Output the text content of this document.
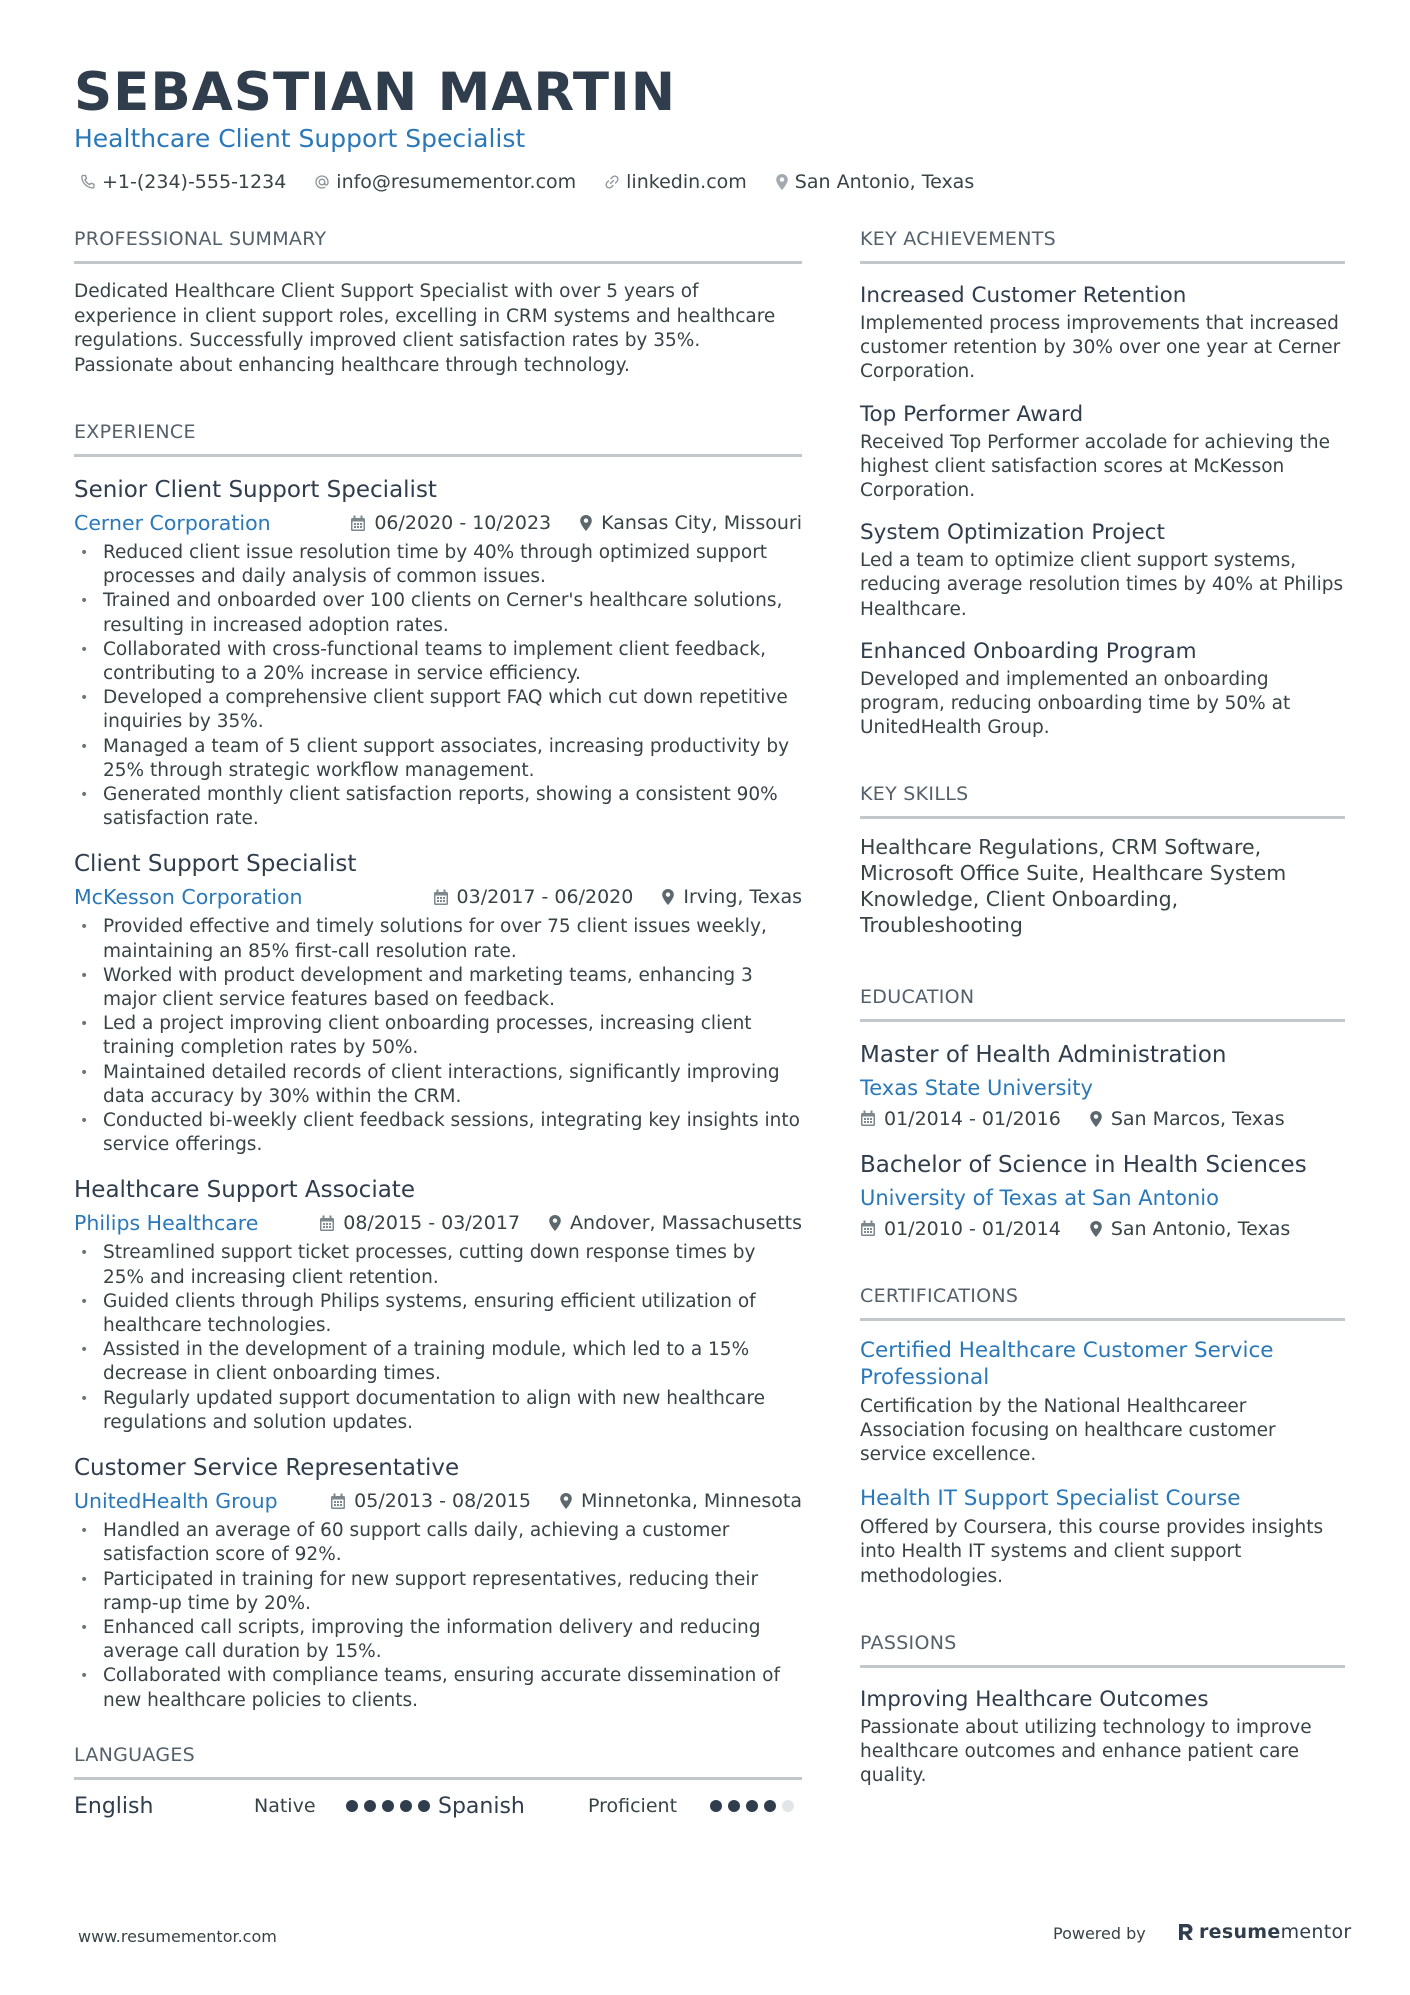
SEBASTIAN MARTIN
Healthcare Client Support Specialist
+1-(234)-555-1234	info@resumementor.com	linkedin.com	San Antonio, Texas
PROFESSIONAL SUMMARY
Dedicated Healthcare Client Support Specialist with over 5 years of experience in client support roles, excelling in CRM systems and healthcare regulations. Successfully improved client satisfaction rates by 35%. Passionate about enhancing healthcare through technology.
EXPERIENCE
Senior Client Support Specialist
Cerner Corporation	06/2020 - 10/2023	Kansas City, Missouri
• Reduced client issue resolution time by 40% through optimized support processes and daily analysis of common issues.
• Trained and onboarded over 100 clients on Cerner's healthcare solutions, resulting in increased adoption rates.
• Collaborated with cross-functional teams to implement client feedback, contributing to a 20% increase in service efficiency.
• Developed a comprehensive client support FAQ which cut down repetitive inquiries by 35%.
• Managed a team of 5 client support associates, increasing productivity by 25% through strategic workflow management.
• Generated monthly client satisfaction reports, showing a consistent 90% satisfaction rate.
Client Support Specialist
McKesson Corporation	03/2017 - 06/2020	Irving, Texas
• Provided effective and timely solutions for over 75 client issues weekly, maintaining an 85% first-call resolution rate.
• Worked with product development and marketing teams, enhancing 3 major client service features based on feedback.
• Led a project improving client onboarding processes, increasing client training completion rates by 50%.
• Maintained detailed records of client interactions, significantly improving data accuracy by 30% within the CRM.
• Conducted bi-weekly client feedback sessions, integrating key insights into service offerings.
Healthcare Support Associate
Philips Healthcare	08/2015 - 03/2017	Andover, Massachusetts
• Streamlined support ticket processes, cutting down response times by 25% and increasing client retention.
• Guided clients through Philips systems, ensuring efficient utilization of healthcare technologies.
• Assisted in the development of a training module, which led to a 15% decrease in client onboarding times.
• Regularly updated support documentation to align with new healthcare regulations and solution updates.
Customer Service Representative
UnitedHealth Group	05/2013 - 08/2015	Minnetonka, Minnesota
• Handled an average of 60 support calls daily, achieving a customer satisfaction score of 92%.
• Participated in training for new support representatives, reducing their ramp-up time by 20%.
• Enhanced call scripts, improving the information delivery and reducing average call duration by 15%.
• Collaborated with compliance teams, ensuring accurate dissemination of new healthcare policies to clients.
LANGUAGES
English	Native	Spanish	Proficient
KEY ACHIEVEMENTS
Increased Customer Retention
Implemented process improvements that increased customer retention by 30% over one year at Cerner Corporation.
Top Performer Award
Received Top Performer accolade for achieving the highest client satisfaction scores at McKesson Corporation.
System Optimization Project
Led a team to optimize client support systems, reducing average resolution times by 40% at Philips Healthcare.
Enhanced Onboarding Program
Developed and implemented an onboarding program, reducing onboarding time by 50% at UnitedHealth Group.
KEY SKILLS
Healthcare Regulations, CRM Software, Microsoft Office Suite, Healthcare System Knowledge, Client Onboarding, Troubleshooting
EDUCATION
Master of Health Administration
Texas State University
01/2014 - 01/2016	San Marcos, Texas
Bachelor of Science in Health Sciences
University of Texas at San Antonio
01/2010 - 01/2014	San Antonio, Texas
CERTIFICATIONS
Certified Healthcare Customer Service Professional
Certification by the National Healthcareer Association focusing on healthcare customer service excellence.
Health IT Support Specialist Course
Offered by Coursera, this course provides insights into Health IT systems and client support methodologies.
PASSIONS
Improving Healthcare Outcomes
Passionate about utilizing technology to improve healthcare outcomes and enhance patient care quality.
www.resumementor.com	Powered by	resume mentor
